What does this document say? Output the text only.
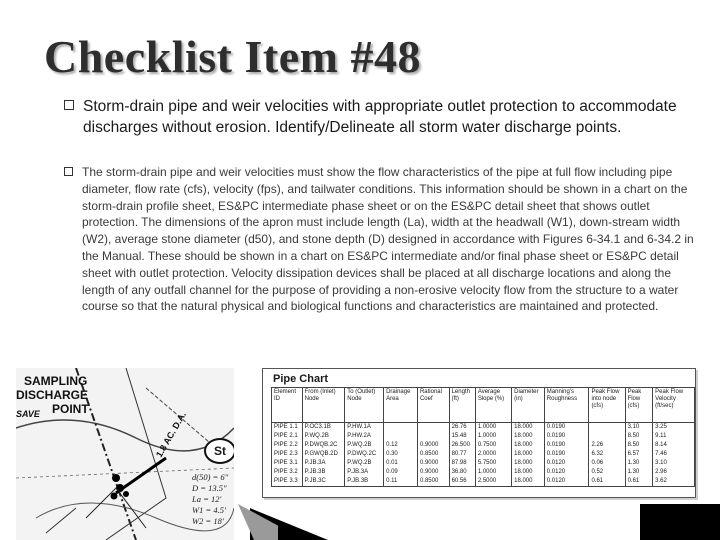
Checklist Item #48
Storm-drain pipe and weir velocities with appropriate outlet protection to accommodate discharges without erosion. Identify/Delineate all storm water discharge points.
The storm-drain pipe and weir velocities must show the flow characteristics of the pipe at full flow including pipe diameter, flow rate (cfs), velocity (fps), and tailwater conditions. This information should be shown in a chart on the storm-drain profile sheet, ES&PC intermediate phase sheet or on the ES&PC detail sheet that shows outlet protection. The dimensions of the apron must include length (La), width at the headwall (W1), down-stream width (W2), average stone diameter (d50), and stone depth (D) designed in accordance with Figures 6-34.1 and 6-34.2 in the Manual. These should be shown in a chart on ES&PC intermediate and/or final phase sheet or ES&PC detail sheet with outlet protection. Velocity dissipation devices shall be placed at all discharge locations and along the length of any outfall channel for the purpose of providing a non-erosive velocity flow from the structure to a water course so that the natural physical and biological functions and characteristics are maintained and protected.
SAMPLING
DISCHARGE
POINT
SAVE	1.8 AC. D.A.	St
d(50) = 6"
D = 13.5"
La = 12'
W1 = 4.5'
W2 = 18'
Pipe Chart
Element ID	From (Inlet) Node	To (Outlet) Node	Drainage Area	Rational Coef	Length (ft)	Average Slope (%)	Diameter (in)	Manning's Roughness	Peak Flow into node (cfs)	Peak Flow (cfs)	Peak Flow Velocity (ft/sec)
PIPE 1.1	P.OC3.1B	P.HW.1A			26.76	1.0000	18.000	0.0190		3.10	3.25
PIPE 2.1	P.WQ.2B	P.HW.2A			15.48	1.0000	18.000	0.0190		8.50	9.11
PIPE 2.2	P.DWQB.2C	P.WQ.2B	0.12	0.9000	26.500	0.7500	18.000	0.0190	2.26	8.50	8.14
PIPE 2.3	P.GWQB.2D	P.DWQ.2C	0.30	0.8500	80.77	2.0000	18.000	0.0190	6.32	6.57	7.46
PIPE 3.1	P.JB.3A	P.WQ.2B	0.01	0.9000	87.98	5.7500	18.000	0.0120	0.06	1.30	3.10
PIPE 3.2	P.JB.3B	P.JB.3A	0.09	0.9000	36.80	1.0000	18.000	0.0120	0.52	1.30	2.96
PIPE 3.3	P.JB.3C	P.JB.3B	0.11	0.8500	60.56	2.5000	18.000	0.0120	0.61	0.61	3.62
53
